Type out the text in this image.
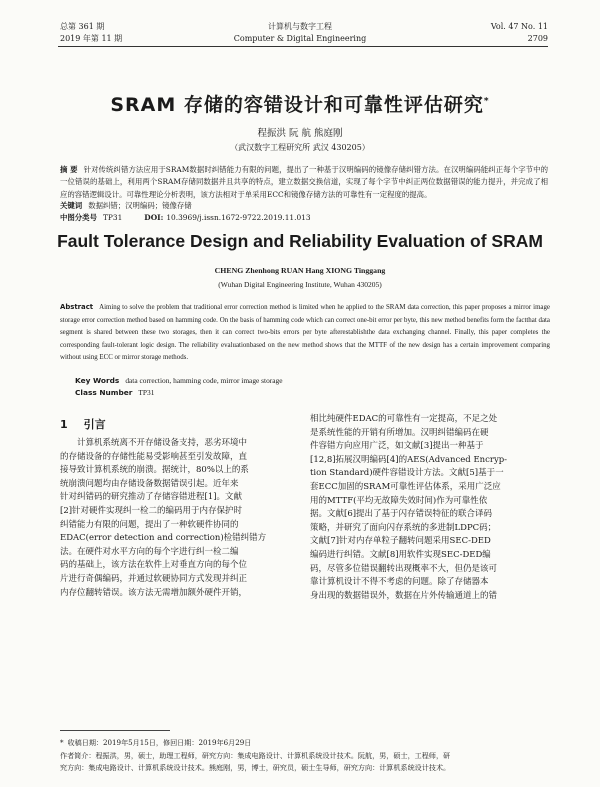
总第 361 期
2019 年第 11 期
计算机与数字工程
Computer & Digital Engineering
Vol. 47 No. 11
2709
SRAM 存储的容错设计和可靠性评估研究*
程振洪 阮 航 熊庭刚
（武汉数字工程研究所 武汉 430205）
摘 要 针对传统纠错方法应用于SRAM数据时纠错能力有限的问题，提出了一种基于汉明编码的镜像存储纠错方法。在汉明编码能纠正每个字节中的一位错误的基础上，利用两个SRAM存储同数据并且共享的特点，建立数据交换信道，实现了每个字节中纠正两位数据错误的能力提升，并完成了相应的容错逻辑设计。可靠性理论分析表明，该方法相对于单采用ECC和镜像存储方法的可靠性有一定程度的提高。
关键词 数据纠错；汉明编码；镜像存储
中图分类号 TP31	DOI: 10.3969/j.issn.1672-9722.2019.11.013
Fault Tolerance Design and Reliability Evaluation of SRAM
CHENG Zhenhong RUAN Hang XIONG Tinggang
(Wuhan Digital Engineering Institute, Wuhan 430205)
Abstract Aiming to solve the problem that traditional error correction method is limited when he applied to the SRAM data correction, this paper proposes a mirror image storage error correction method based on hamming code. On the basis of hamming code which can correct one-bit error per byte, this new method benefits form the factthat data segment is shared between these two storages, then it can correct two-bits errors per byte afterestablishthe data exchanging channel. Finally, this paper completes the corresponding fault-tolerant logic design. The reliability evaluationbased on the new method shows that the MTTF of the new design has a certain improvement comparing without using ECC or mirror storage methods.
Key Words data correction, hamming code, mirror image storage
Class Number TP31
1 引言
计算机系统离不开存储设备支持，恶劣环境中
的存储设备的存储性能易受影响甚至引发故障，直
接导致计算机系统的崩溃。据统计，80%以上的系
统崩溃问题均由存储设备数据错误引起。近年来
针对纠错码的研究推动了存储容错进程[1]。文献
[2]针对硬件实现纠一检二的编码用于内存保护时
纠错能力有限的问题，提出了一种软硬件协同的
EDAC(error detection and correction)检错纠错方
法。在硬件对水平方向的每个字进行纠一检二编
码的基础上，该方法在软件上对垂直方向的每个位
片进行奇偶编码，并通过软硬协同方式发现并纠正
内存位翻转错误。该方法无需增加额外硬件开销，
相比纯硬件EDAC的可靠性有一定提高，不足之处
是系统性能的开销有所增加。汉明纠错编码在硬
件容错方向应用广泛，如文献[3]提出一种基于
[12,8]拓展汉明编码[4]的AES(Advanced Encryp-
tion Standard)硬件容错设计方法。文献[5]基于一
套ECC加固的SRAM可靠性评估体系，采用广泛应
用的MTTF(平均无故障失效时间)作为可靠性依
据。文献[6]提出了基于闪存错误特征的联合译码
策略，并研究了面向闪存系统的多进制LDPC码；
文献[7]针对内存单粒子翻转问题采用SEC-DED
编码进行纠错。文献[8]用软件实现SEC-DED编
码，尽管多位错误翻转出现概率不大，但仍是该可
靠计算机设计不得不考虑的问题。除了存储器本
身出现的数据错误外，数据在片外传输通道上的错
* 收稿日期：2019年5月15日，修回日期：2019年6月29日
作者简介：程振洪，男，硕士，助理工程师，研究方向：集成电路设计、计算机系统设计技术。阮航，男，硕士，工程师，研
究方向：集成电路设计、计算机系统设计技术。熊庭刚，男，博士，研究员，硕士生导师，研究方向：计算机系统设计技术。
